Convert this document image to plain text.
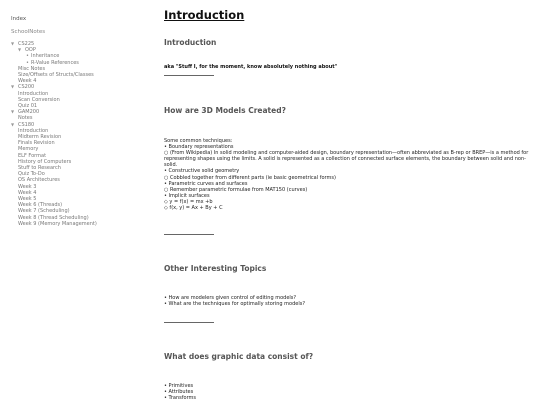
Index
SchoolNotes
▼ CS225
▼ OOP
• Inheritance
• R-Value References
Misc Notes
Size/Offsets of Structs/Classes
Week 4
▼ CS200
Introduction
Scan Conversion
Quiz 01
▼ GAM200
Notes
▼ CS180
Introduction
Midterm Revision
Finals Revision
Memory
ELF Format
History of Computers
Stuff to Research
Quiz To-Do
OS Architectures
Week 3
Week 4
Week 5
Week 6 (Threads)
Week 7 (Scheduling)
Week 8 (Thread Scheduling)
Week 9 (Memory Management)
Introduction
Introduction
aka "Stuff I, for the moment, know absolutely nothing about"
How are 3D Models Created?
Some common techniques:
• Boundary representations
○ (From Wikipedia) In solid modeling and computer-aided design, boundary representation—often abbreviated as B-rep or BREP—is a method for representing shapes using the limits. A solid is represented as a collection of connected surface elements, the boundary between solid and non-solid.
• Constructive solid geometry
○ Cobbled together from different parts (ie basic geometrical forms)
• Parametric curves and surfaces
○ Remember parametric formulae from MAT150 (curves)
• Implicit surfaces
◇ y = f(x) = mx +b
◇ f(x, y) = Ax + By + C
Other Interesting Topics
• How are modelers given control of editing models?
• What are the techniques for optimally storing models?
What does graphic data consist of?
• Primitives
• Attributes
• Transforms
